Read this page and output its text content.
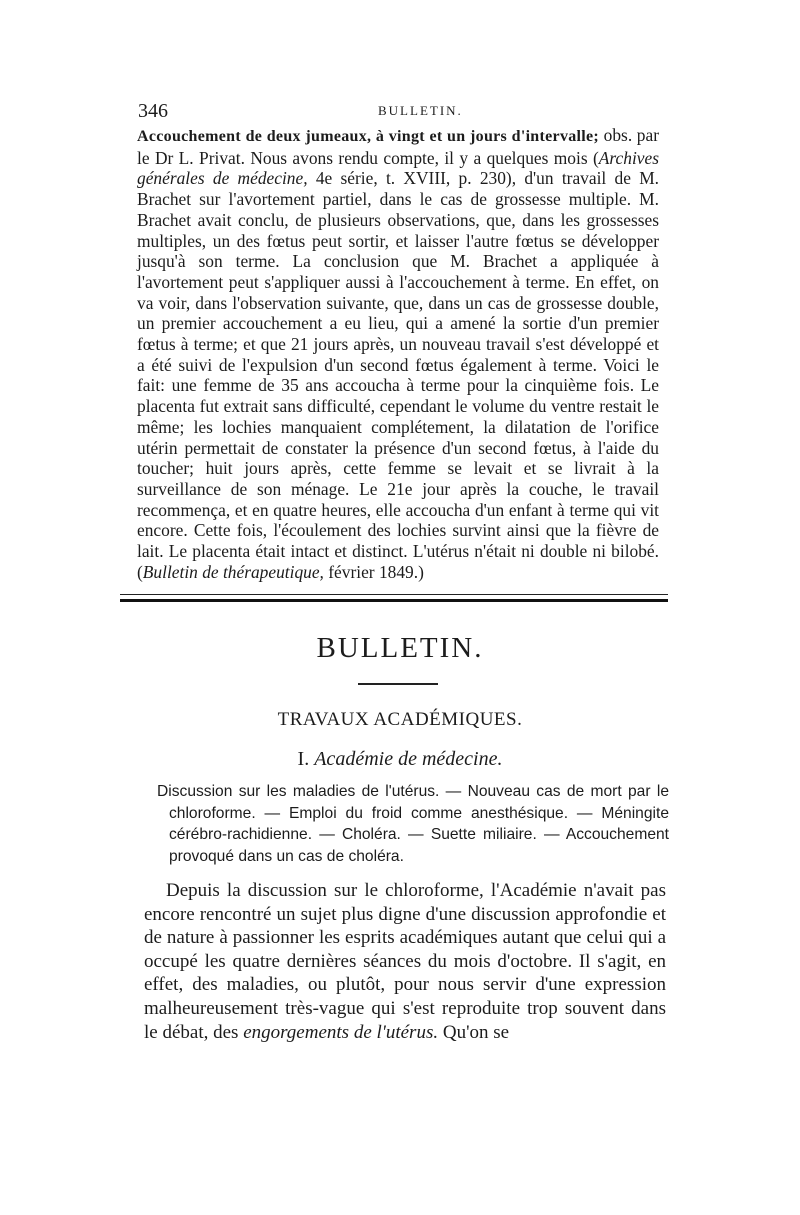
346	BULLETIN.

Accouchement de deux jumeaux, à vingt et un jours d'intervalle; obs. par le Dr L. Privat. Nous avons rendu compte, il y a quelques mois (Archives générales de médecine, 4e série, t. XVIII, p. 230), d'un travail de M. Brachet sur l'avortement partiel, dans le cas de grossesse multiple. M. Brachet avait conclu, de plusieurs observations, que, dans les grossesses multiples, un des fœtus peut sortir, et laisser l'autre fœtus se développer jusqu'à son terme. La conclusion que M. Brachet a appliquée à l'avortement peut s'appliquer aussi à l'accouchement à terme. En effet, on va voir, dans l'observation suivante, que, dans un cas de grossesse double, un premier accouchement a eu lieu, qui a amené la sortie d'un premier fœtus à terme; et que 21 jours après, un nouveau travail s'est développé et a été suivi de l'expulsion d'un second fœtus également à terme. Voici le fait: une femme de 35 ans accoucha à terme pour la cinquième fois. Le placenta fut extrait sans difficulté, cependant le volume du ventre restait le même; les lochies manquaient complétement, la dilatation de l'orifice utérin permettait de constater la présence d'un second fœtus, à l'aide du toucher; huit jours après, cette femme se levait et se livrait à la surveillance de son ménage. Le 21e jour après la couche, le travail recommença, et en quatre heures, elle accoucha d'un enfant à terme qui vit encore. Cette fois, l'écoulement des lochies survint ainsi que la fièvre de lait. Le placenta était intact et distinct. L'utérus n'était ni double ni bilobé. (Bulletin de thérapeutique, février 1849.)

BULLETIN.
TRAVAUX ACADÉMIQUES.
I. Académie de médecine.

Discussion sur les maladies de l'utérus. — Nouveau cas de mort par le chloroforme. — Emploi du froid comme anesthésique. — Méningite cérébro-rachidienne. — Choléra. — Suette miliaire. — Accouchement provoqué dans un cas de choléra.

Depuis la discussion sur le chloroforme, l'Académie n'avait pas encore rencontré un sujet plus digne d'une discussion approfondie et de nature à passionner les esprits académiques autant que celui qui a occupé les quatre dernières séances du mois d'octobre. Il s'agit, en effet, des maladies, ou plutôt, pour nous servir d'une expression malheureusement très-vague qui s'est reproduite trop souvent dans le débat, des engorgements de l'utérus. Qu'on se
